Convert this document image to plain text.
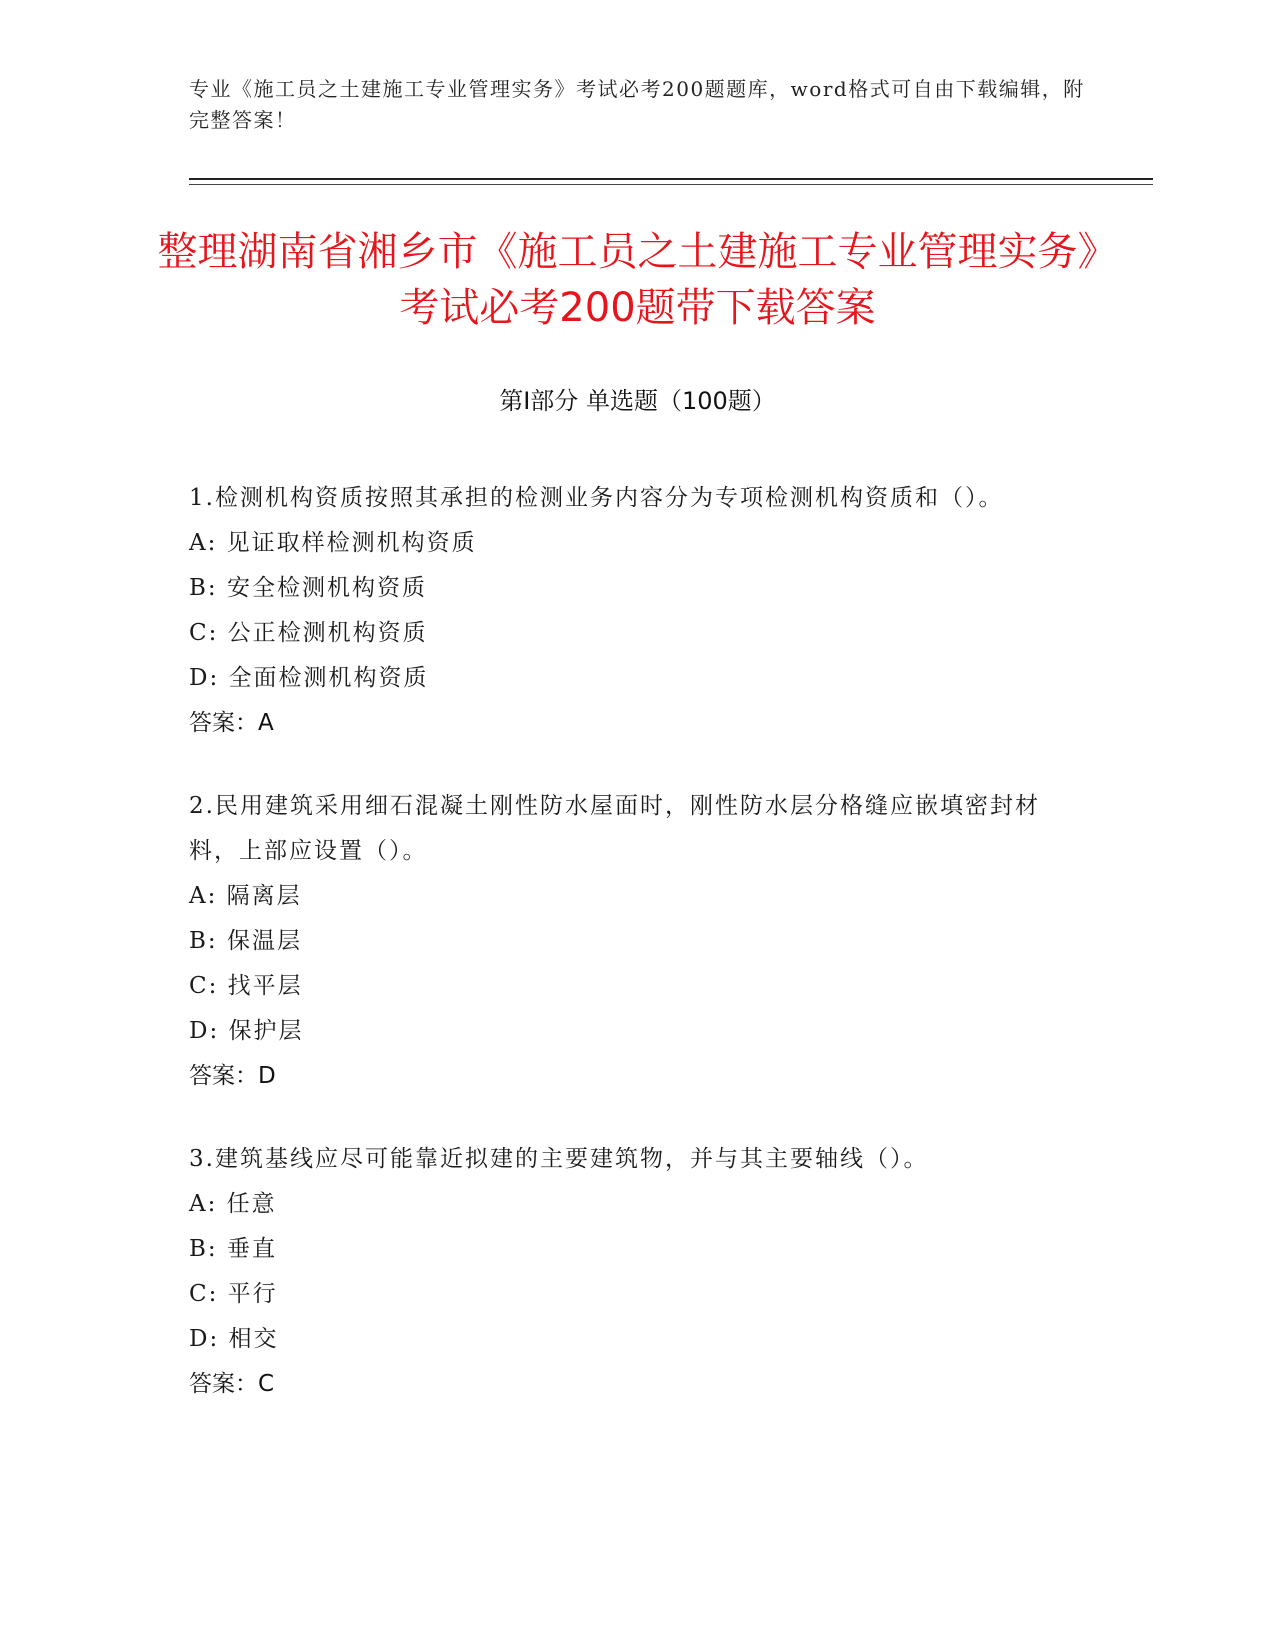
专业《施工员之土建施工专业管理实务》考试必考200题题库，word格式可自由下载编辑，附完整答案！
整理湖南省湘乡市《施工员之土建施工专业管理实务》考试必考200题带下载答案
第Ⅰ部分 单选题（100题）
1.检测机构资质按照其承担的检测业务内容分为专项检测机构资质和（）。
A: 见证取样检测机构资质
B: 安全检测机构资质
C: 公正检测机构资质
D: 全面检测机构资质
答案：A
2.民用建筑采用细石混凝土刚性防水屋面时，刚性防水层分格缝应嵌填密封材料，上部应设置（）。
A: 隔离层
B: 保温层
C: 找平层
D: 保护层
答案：D
3.建筑基线应尽可能靠近拟建的主要建筑物，并与其主要轴线（）。
A: 任意
B: 垂直
C: 平行
D: 相交
答案：C
